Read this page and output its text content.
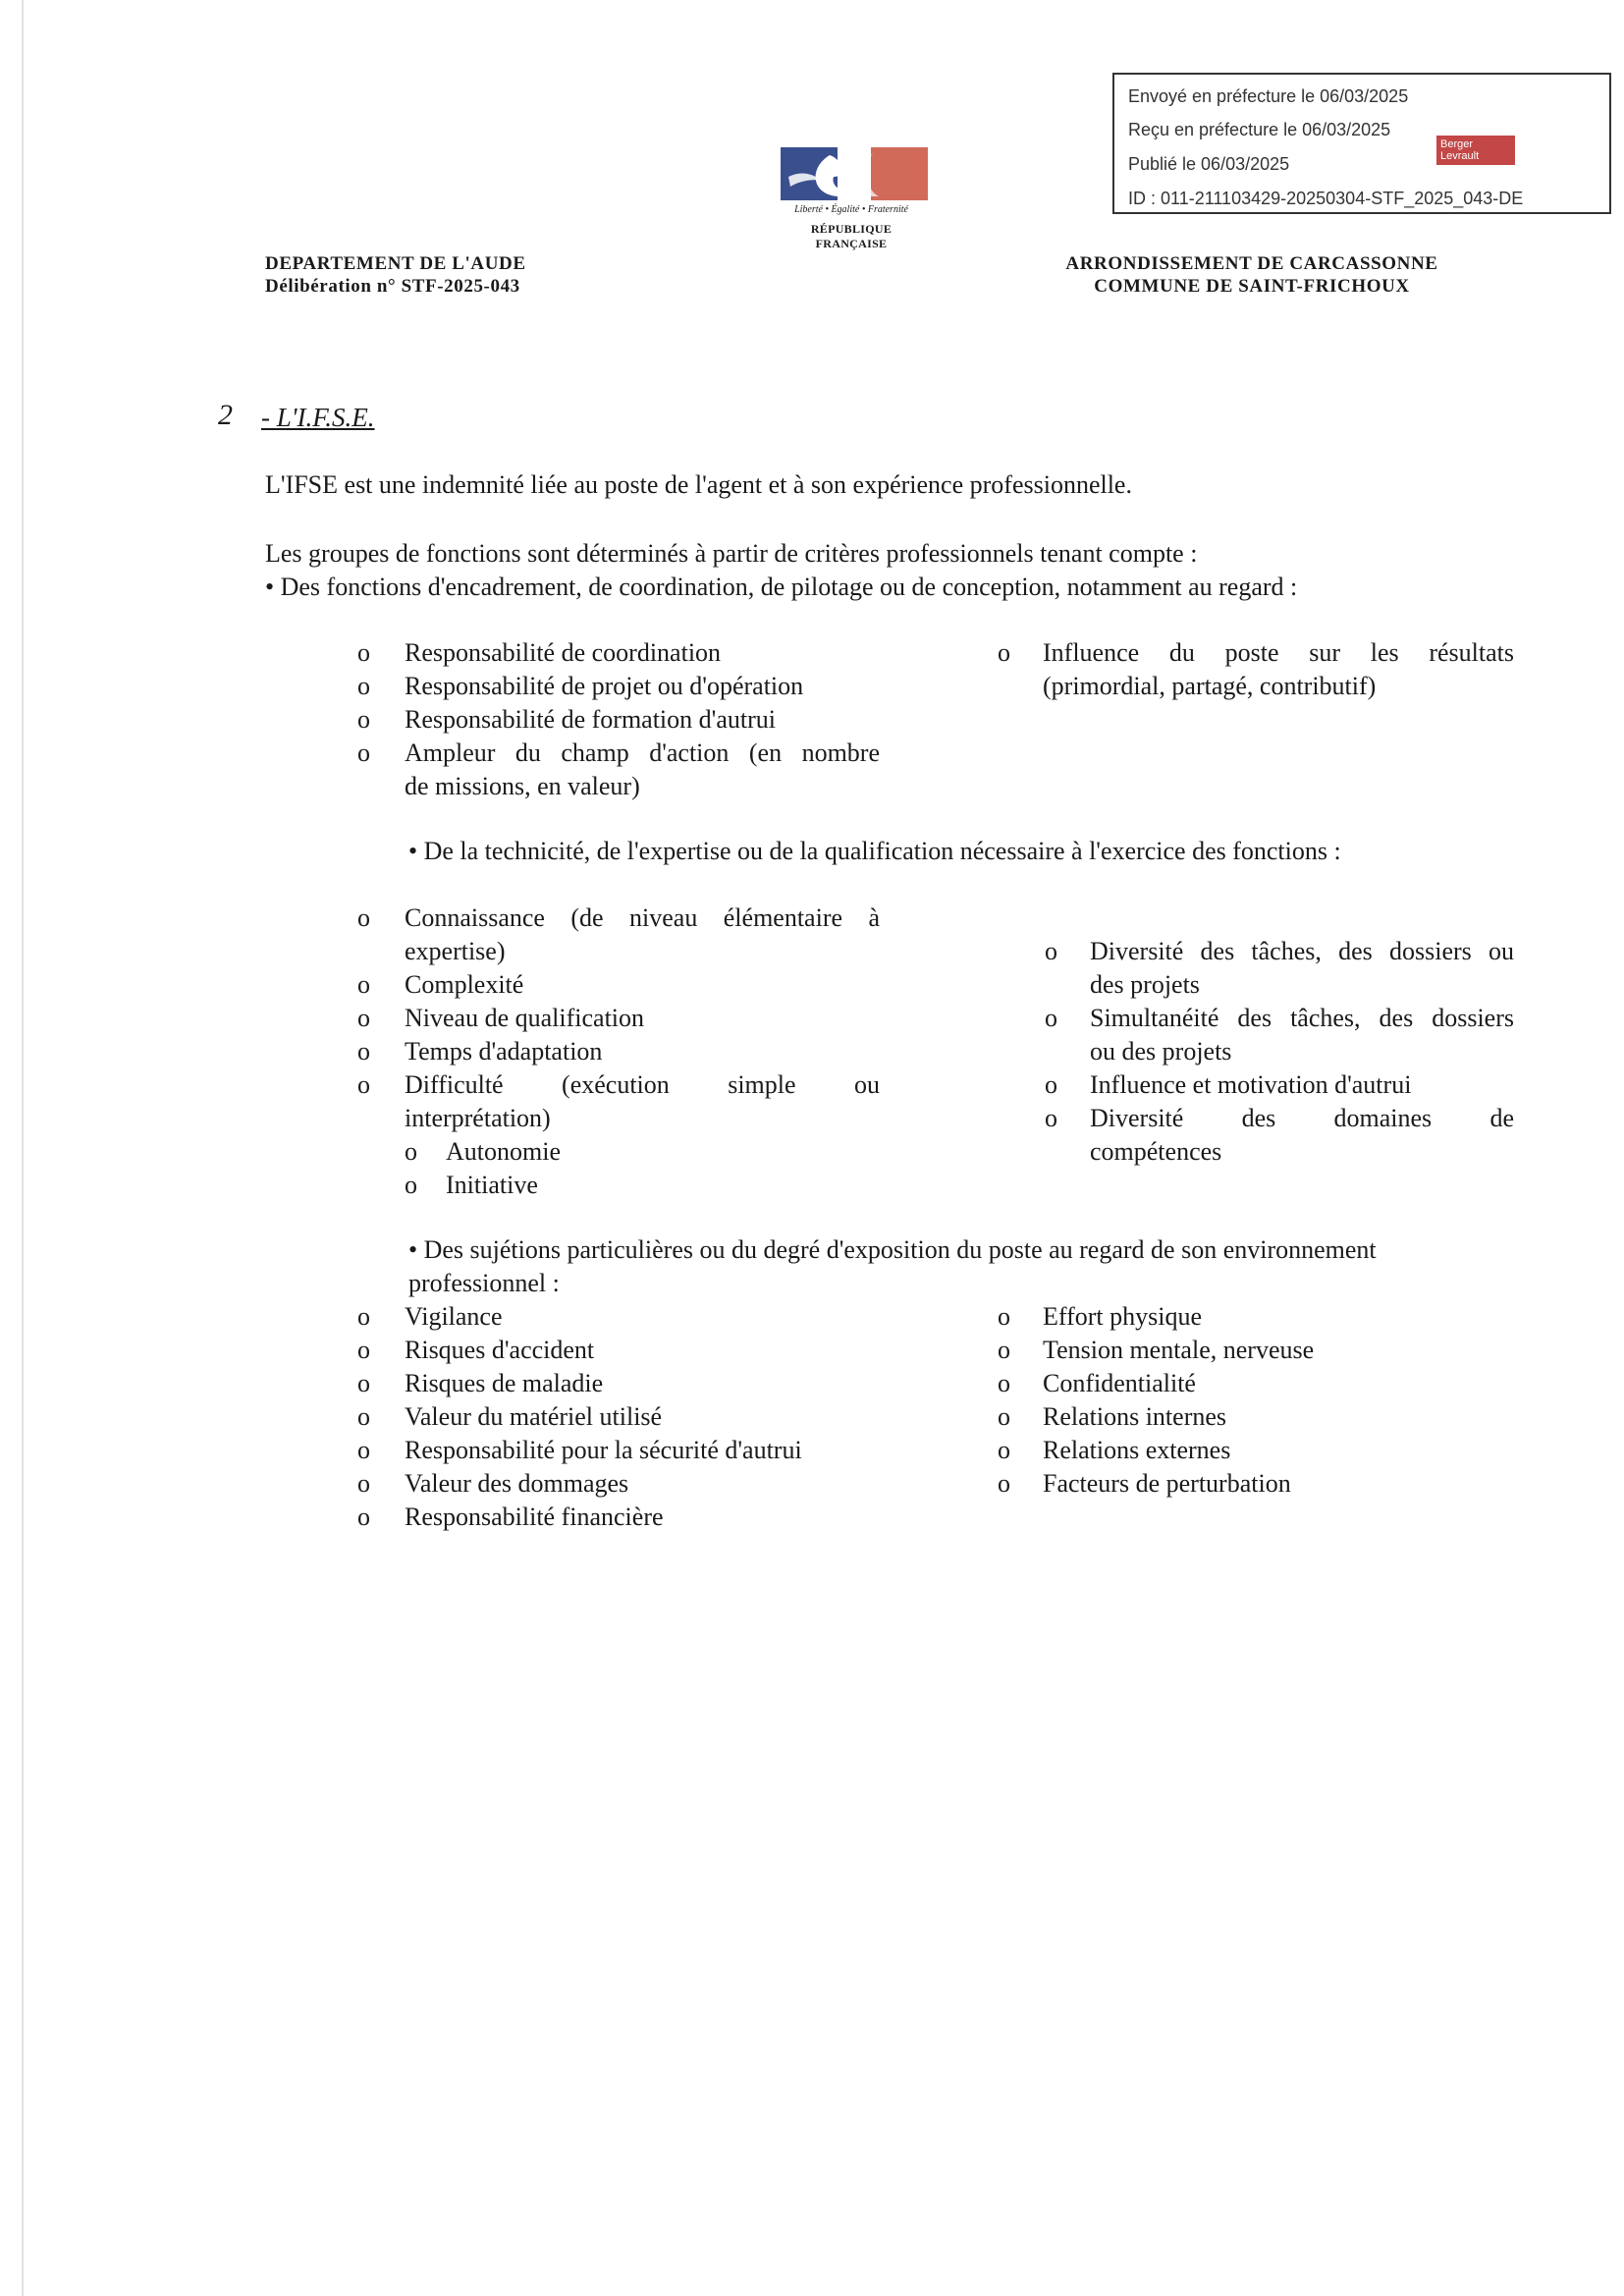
Envoyé en préfecture le 06/03/2025
Reçu en préfecture le 06/03/2025
Publié le 06/03/2025
ID : 011-211103429-20250304-STF_2025_043-DE
Berger
Levrault
Liberté • Égalité • Fraternité
RÉPUBLIQUE FRANÇAISE
DEPARTEMENT DE L'AUDE
Délibération n° STF-2025-043
ARRONDISSEMENT DE CARCASSONNE
COMMUNE DE SAINT-FRICHOUX
2 - L'I.F.S.E.
L'IFSE est une indemnité liée au poste de l'agent et à son expérience professionnelle.
Les groupes de fonctions sont déterminés à partir de critères professionnels tenant compte :
• Des fonctions d'encadrement, de coordination, de pilotage ou de conception, notamment au regard :
o Responsabilité de coordination
o Responsabilité de projet ou d'opération
o Responsabilité de formation d'autrui
o Ampleur du champ d'action (en nombre
de missions, en valeur)
o Influence du poste sur les résultats
(primordial, partagé, contributif)
• De la technicité, de l'expertise ou de la qualification nécessaire à l'exercice des fonctions :
o Connaissance (de niveau élémentaire à
expertise)
o Complexité
o Niveau de qualification
o Temps d'adaptation
o Difficulté (exécution simple ou
interprétation)
o Autonomie
o Initiative
o Diversité des tâches, des dossiers ou
des projets
o Simultanéité des tâches, des dossiers
ou des projets
o Influence et motivation d'autrui
o Diversité des domaines de
compétences
• Des sujétions particulières ou du degré d'exposition du poste au regard de son environnement
professionnel :
o Vigilance
o Risques d'accident
o Risques de maladie
o Valeur du matériel utilisé
o Responsabilité pour la sécurité d'autrui
o Valeur des dommages
o Responsabilité financière
o Effort physique
o Tension mentale, nerveuse
o Confidentialité
o Relations internes
o Relations externes
o Facteurs de perturbation
